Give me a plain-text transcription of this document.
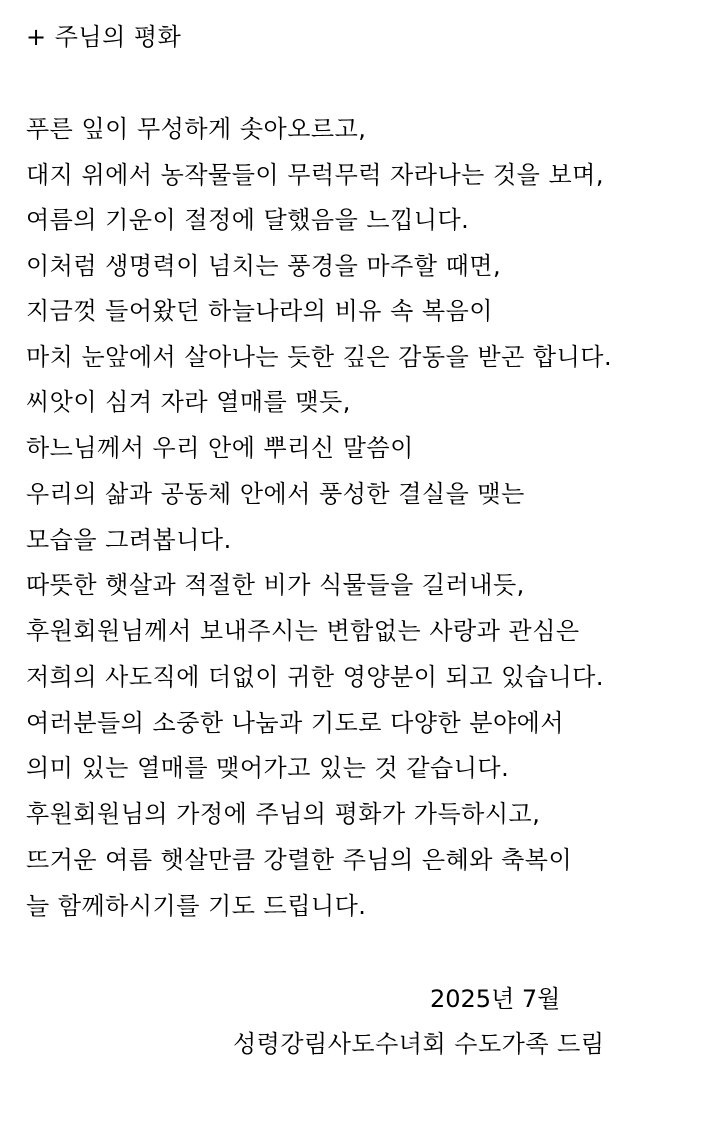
+ 주님의 평화
푸른 잎이 무성하게 솟아오르고,
대지 위에서 농작물들이 무럭무럭 자라나는 것을 보며,
여름의 기운이 절정에 달했음을 느낍니다.
이처럼 생명력이 넘치는 풍경을 마주할 때면,
지금껏 들어왔던 하늘나라의 비유 속 복음이
마치 눈앞에서 살아나는 듯한 깊은 감동을 받곤 합니다.
씨앗이 심겨 자라 열매를 맺듯,
하느님께서 우리 안에 뿌리신 말씀이
우리의 삶과 공동체 안에서 풍성한 결실을 맺는
모습을 그려봅니다.
따뜻한 햇살과 적절한 비가 식물들을 길러내듯,
후원회원님께서 보내주시는 변함없는 사랑과 관심은
저희의 사도직에 더없이 귀한 영양분이 되고 있습니다.
여러분들의 소중한 나눔과 기도로 다양한 분야에서
의미 있는 열매를 맺어가고 있는 것 같습니다.
후원회원님의 가정에 주님의 평화가 가득하시고,
뜨거운 여름 햇살만큼 강렬한 주님의 은혜와 축복이
늘 함께하시기를 기도 드립니다.
2025년 7월
성령강림사도수녀회 수도가족 드림
